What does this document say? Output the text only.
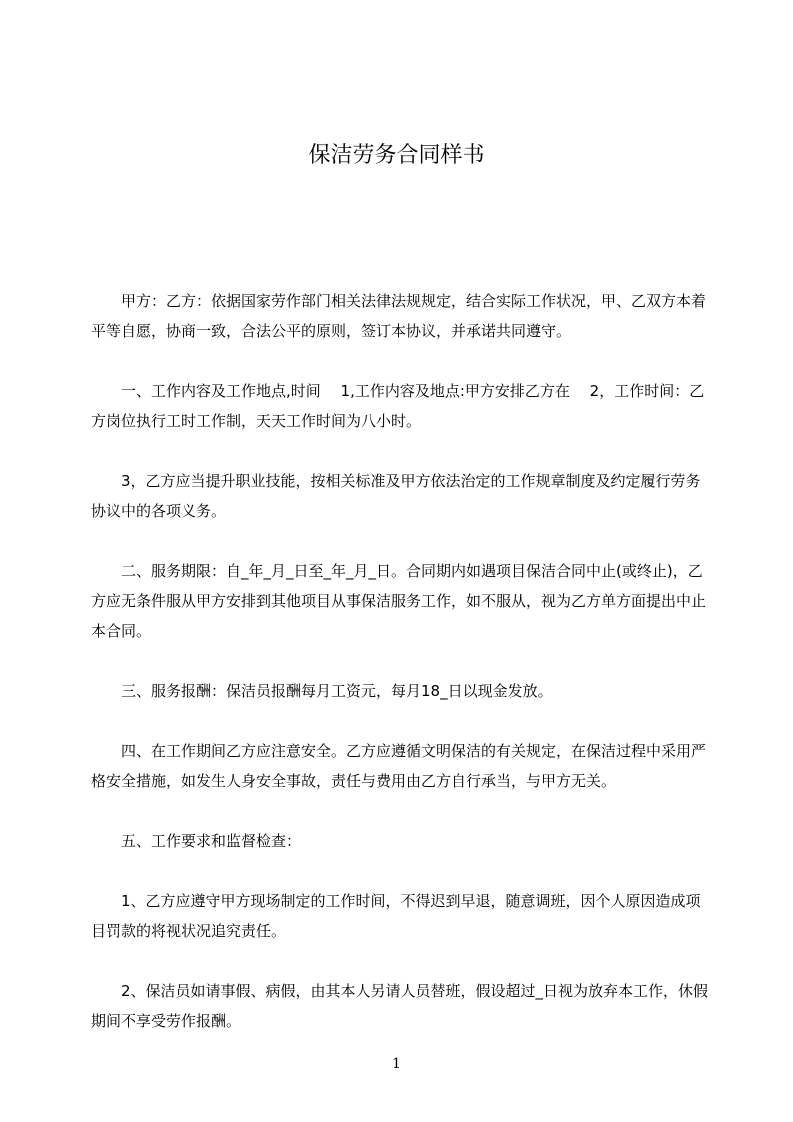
保洁劳务合同样书

甲方：乙方：依据国家劳作部门相关法律法规规定，结合实际工作状况，甲、乙双方本着平等自愿，协商一致，合法公平的原则，签订本协议，并承诺共同遵守。

一、工作内容及工作地点,时间　 1,工作内容及地点:甲方安排乙方在　 2，工作时间：乙方岗位执行工时工作制，天天工作时间为八小时。

3，乙方应当提升职业技能，按相关标准及甲方依法治定的工作规章制度及约定履行劳务协议中的各项义务。

二、服务期限：自_年_月_日至_年_月_日。合同期内如遇项目保洁合同中止(或终止)，乙方应无条件服从甲方安排到其他项目从事保洁服务工作，如不服从，视为乙方单方面提出中止本合同。

三、服务报酬：保洁员报酬每月工资元，每月18_日以现金发放。

四、在工作期间乙方应注意安全。乙方应遵循文明保洁的有关规定，在保洁过程中采用严格安全措施，如发生人身安全事故，责任与费用由乙方自行承当，与甲方无关。

五、工作要求和监督检查：

1、乙方应遵守甲方现场制定的工作时间，不得迟到早退，随意调班，因个人原因造成项目罚款的将视状况追究责任。

2、保洁员如请事假、病假，由其本人另请人员替班，假设超过_日视为放弃本工作，休假期间不享受劳作报酬。

1
